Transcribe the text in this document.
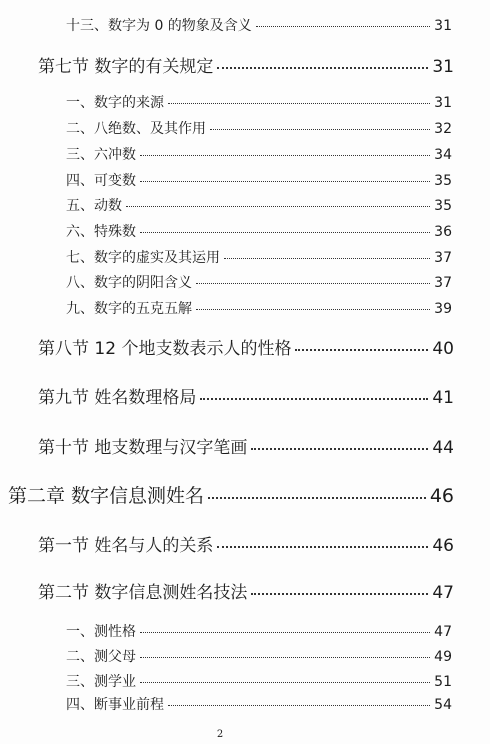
十三、数字为 0 的物象及含义	31
第七节 数字的有关规定	31
一、数字的来源	31
二、八绝数、及其作用	32
三、六冲数	34
四、可变数	35
五、动数	35
六、特殊数	36
七、数字的虚实及其运用	37
八、数字的阴阳含义	37
九、数字的五克五解	39
第八节 12 个地支数表示人的性格	40
第九节 姓名数理格局	41
第十节 地支数理与汉字笔画	44
第二章 数字信息测姓名	46
第一节 姓名与人的关系	46
第二节 数字信息测姓名技法	47
一、测性格	47
二、测父母	49
三、测学业	51
四、断事业前程	54
2
